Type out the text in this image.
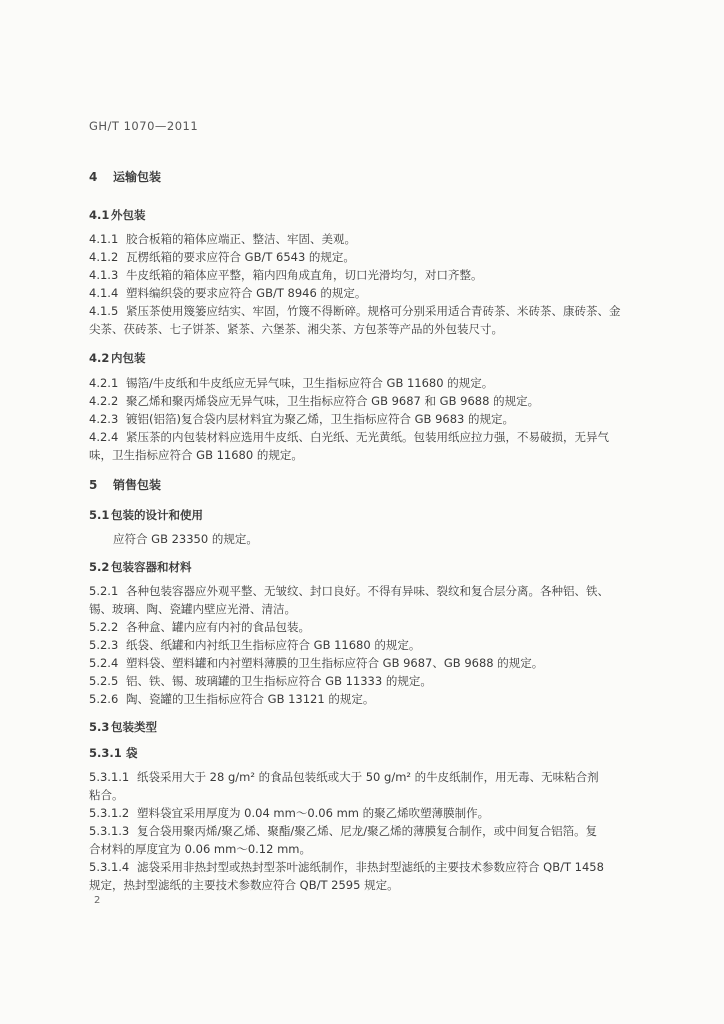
GH/T 1070—2011
4 运输包装
4.1 外包装
4.1.1 胶合板箱的箱体应端正、整洁、牢固、美观。
4.1.2 瓦楞纸箱的要求应符合 GB/T 6543 的规定。
4.1.3 牛皮纸箱的箱体应平整，箱内四角成直角，切口光滑均匀，对口齐整。
4.1.4 塑料编织袋的要求应符合 GB/T 8946 的规定。
4.1.5 紧压茶使用篾篓应结实、牢固，竹篾不得断碎。规格可分别采用适合青砖茶、米砖茶、康砖茶、金
尖茶、茯砖茶、七子饼茶、紧茶、六堡茶、湘尖茶、方包茶等产品的外包装尺寸。
4.2 内包装
4.2.1 锡箔/牛皮纸和牛皮纸应无异气味，卫生指标应符合 GB 11680 的规定。
4.2.2 聚乙烯和聚丙烯袋应无异气味，卫生指标应符合 GB 9687 和 GB 9688 的规定。
4.2.3 镀铝(铝箔)复合袋内层材料宜为聚乙烯，卫生指标应符合 GB 9683 的规定。
4.2.4 紧压茶的内包装材料应选用牛皮纸、白光纸、无光黄纸。包装用纸应拉力强，不易破损，无异气
味，卫生指标应符合 GB 11680 的规定。
5 销售包装
5.1 包装的设计和使用
应符合 GB 23350 的规定。
5.2 包装容器和材料
5.2.1 各种包装容器应外观平整、无皱纹、封口良好。不得有异味、裂纹和复合层分离。各种铝、铁、
锡、玻璃、陶、瓷罐内壁应光滑、清洁。
5.2.2 各种盒、罐内应有内衬的食品包装。
5.2.3 纸袋、纸罐和内衬纸卫生指标应符合 GB 11680 的规定。
5.2.4 塑料袋、塑料罐和内衬塑料薄膜的卫生指标应符合 GB 9687、GB 9688 的规定。
5.2.5 铝、铁、锡、玻璃罐的卫生指标应符合 GB 11333 的规定。
5.2.6 陶、瓷罐的卫生指标应符合 GB 13121 的规定。
5.3 包装类型
5.3.1 袋
5.3.1.1 纸袋采用大于 28 g/m² 的食品包装纸或大于 50 g/m² 的牛皮纸制作，用无毒、无味粘合剂
粘合。
5.3.1.2 塑料袋宜采用厚度为 0.04 mm～0.06 mm 的聚乙烯吹塑薄膜制作。
5.3.1.3 复合袋用聚丙烯/聚乙烯、聚酯/聚乙烯、尼龙/聚乙烯的薄膜复合制作，或中间复合铝箔。复
合材料的厚度宜为 0.06 mm～0.12 mm。
5.3.1.4 滤袋采用非热封型或热封型茶叶滤纸制作，非热封型滤纸的主要技术参数应符合 QB/T 1458
规定，热封型滤纸的主要技术参数应符合 QB/T 2595 规定。
2
